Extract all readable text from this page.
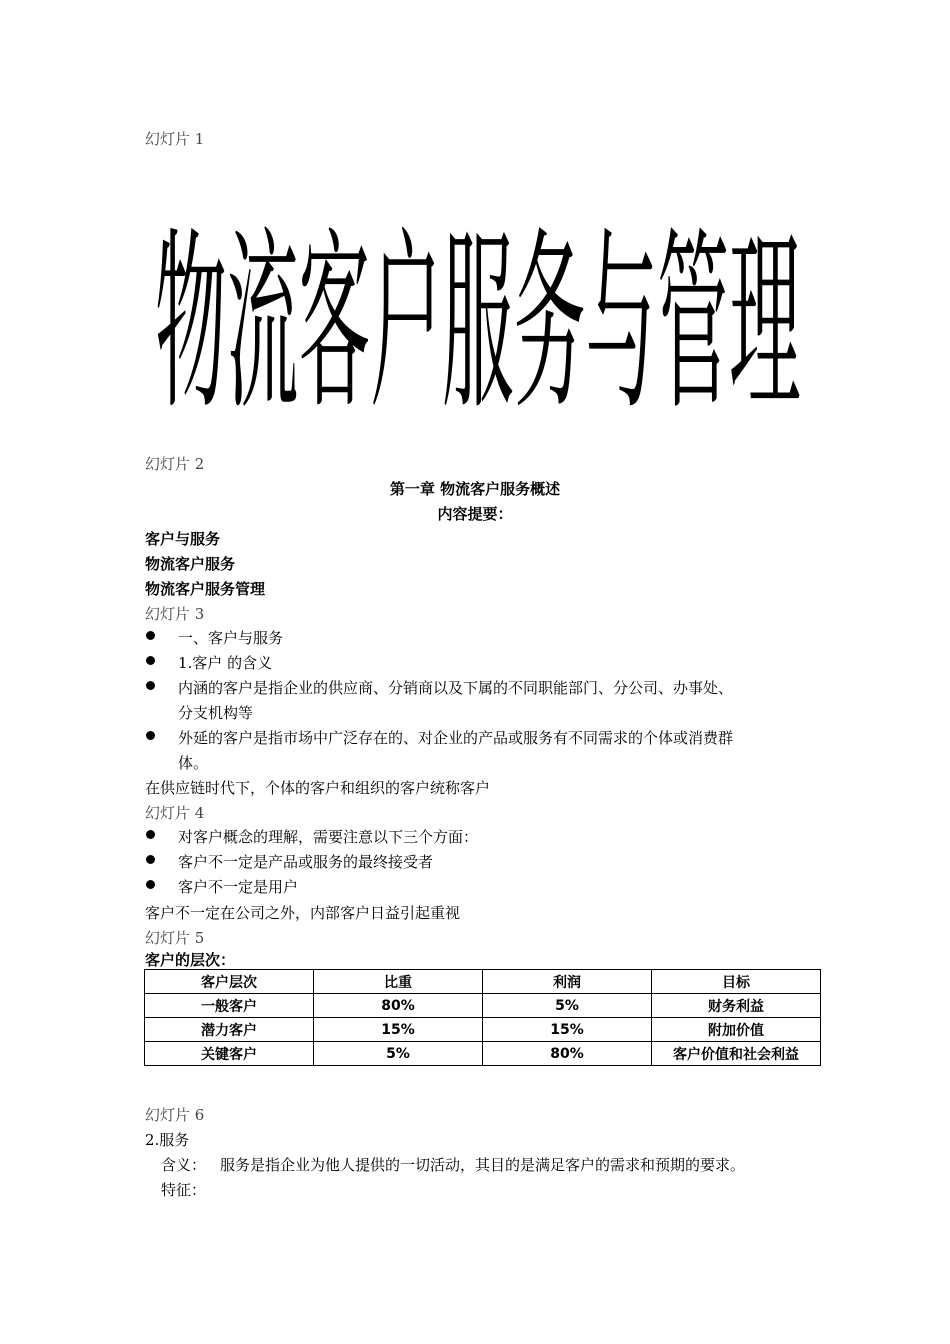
幻灯片 1
物流客户服务与管理
幻灯片 2
第一章 物流客户服务概述
内容提要：
客户与服务
物流客户服务
物流客户服务管理
幻灯片 3
一、客户与服务
1.客户 的含义
内涵的客户是指企业的供应商、分销商以及下属的不同职能部门、分公司、办事处、
分支机构等
外延的客户是指市场中广泛存在的、对企业的产品或服务有不同需求的个体或消费群
体。
在供应链时代下，个体的客户和组织的客户统称客户
幻灯片 4
对客户概念的理解，需要注意以下三个方面：
客户不一定是产品或服务的最终接受者
客户不一定是用户
客户不一定在公司之外，内部客户日益引起重视
幻灯片 5
客户的层次：
客户层次	比重	利润	目标
一般客户	80%	5%	财务利益
潜力客户	15%	15%	附加价值
关键客户	5%	80%	客户价值和社会利益
幻灯片 6
2.服务
含义： 服务是指企业为他人提供的一切活动，其目的是满足客户的需求和预期的要求。
特征：
